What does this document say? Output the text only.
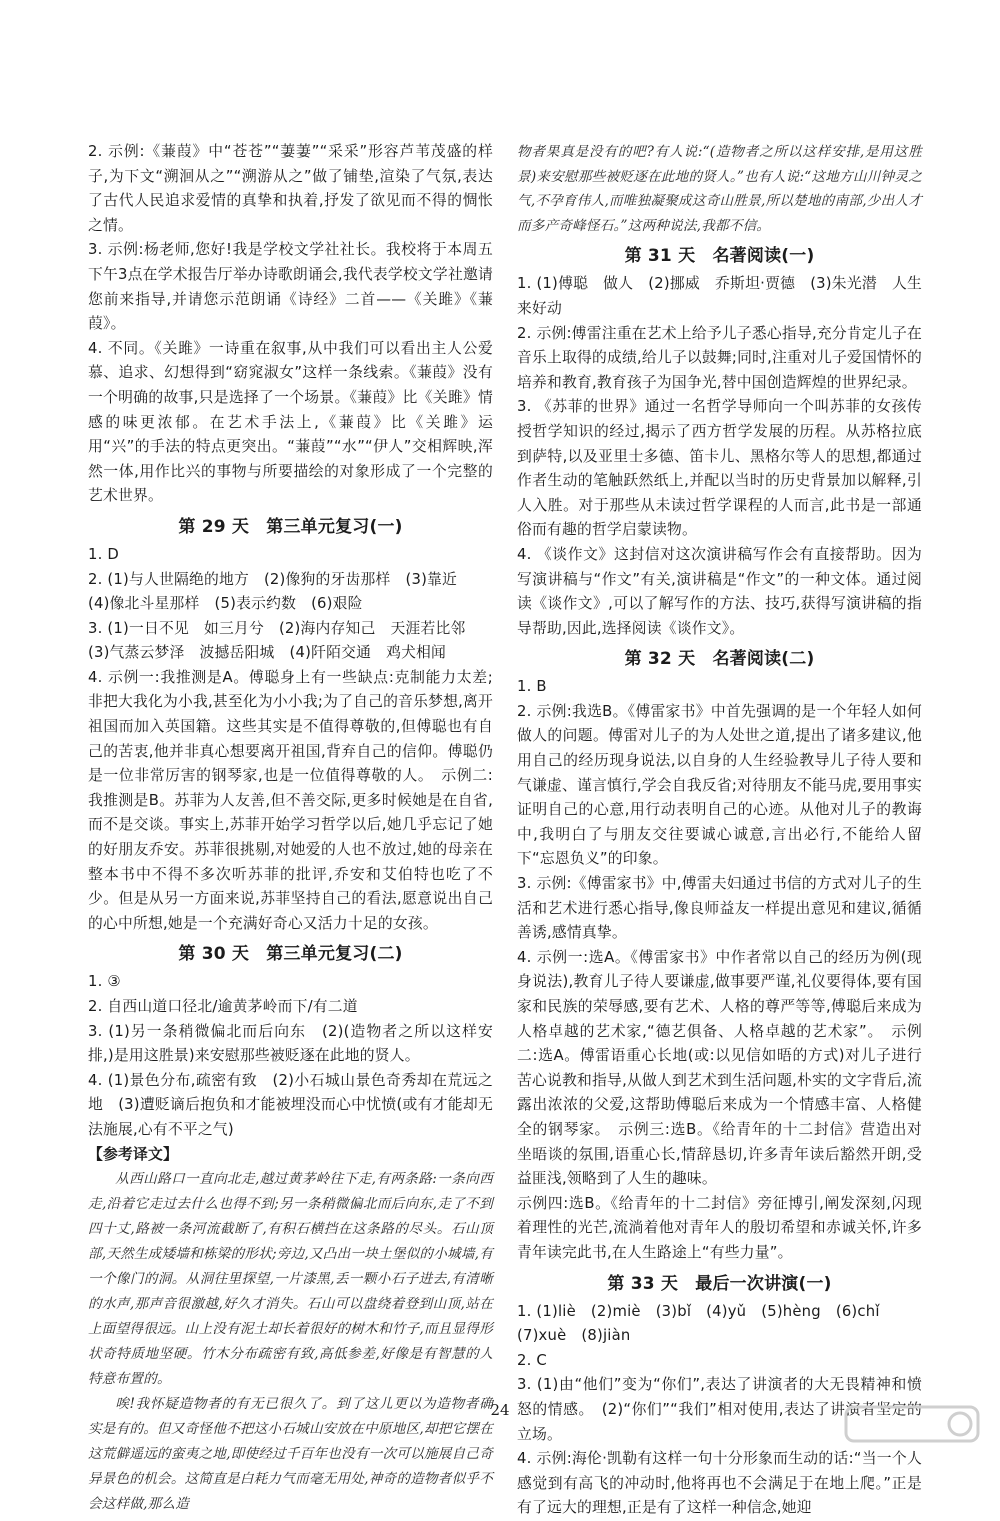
2. 示例:《蒹葭》中“苍苍”“萋萋”“采采”形容芦苇茂盛的样子,为下文“溯洄从之”“溯游从之”做了铺垫,渲染了气氛,表达了古代人民追求爱情的真挚和执着,抒发了欲见而不得的惆怅之情。

3. 示例:杨老师,您好!我是学校文学社社长。我校将于本周五下午3点在学术报告厅举办诗歌朗诵会,我代表学校文学社邀请您前来指导,并请您示范朗诵《诗经》二首——《关雎》《蒹葭》。

4. 不同。《关雎》一诗重在叙事,从中我们可以看出主人公爱慕、追求、幻想得到“窈窕淑女”这样一条线索。《蒹葭》没有一个明确的故事,只是选择了一个场景。《蒹葭》比《关雎》情感的味更浓郁。在艺术手法上,《蒹葭》比《关雎》运用“兴”的手法的特点更突出。“蒹葭”“水”“伊人”交相辉映,浑然一体,用作比兴的事物与所要描绘的对象形成了一个完整的艺术世界。

第 29 天　第三单元复习(一)

1. D

2. (1)与人世隔绝的地方　(2)像狗的牙齿那样　(3)靠近

(4)像北斗星那样　(5)表示约数　(6)艰险

3. (1)一日不见　如三月兮　(2)海内存知己　天涯若比邻

(3)气蒸云梦泽　波撼岳阳城　(4)阡陌交通　鸡犬相闻

4. 示例一:我推测是A。傅聪身上有一些缺点:克制能力太差;非把大我化为小我,甚至化为小小我;为了自己的音乐梦想,离开祖国而加入英国籍。这些其实是不值得尊敬的,但傅聪也有自己的苦衷,他并非真心想要离开祖国,背弃自己的信仰。傅聪仍是一位非常厉害的钢琴家,也是一位值得尊敬的人。　示例二:我推测是B。苏菲为人友善,但不善交际,更多时候她是在自省,而不是交谈。事实上,苏菲开始学习哲学以后,她几乎忘记了她的好朋友乔安。苏菲很挑剔,对她爱的人也不放过,她的母亲在整本书中不得不多次听苏菲的批评,乔安和艾伯特也吃了不少。但是从另一方面来说,苏菲坚持自己的看法,愿意说出自己的心中所想,她是一个充满好奇心又活力十足的女孩。

第 30 天　第三单元复习(二)

1. ③

2. 自西山道口径北/逾黄茅岭而下/有二道

3. (1)另一条稍微偏北而后向东　(2)(造物者之所以这样安排,)是用这胜景)来安慰那些被贬逐在此地的贤人。

4. (1)景色分布,疏密有致　(2)小石城山景色奇秀却在荒远之地　(3)遭贬谪后抱负和才能被埋没而心中忧愤(或有才能却无法施展,心有不平之气)

【参考译文】

从西山路口一直向北走,越过黄茅岭往下走,有两条路:一条向西走,沿着它走过去什么也得不到;另一条稍微偏北而后向东,走了不到四十丈,路被一条河流截断了,有积石横挡在这条路的尽头。石山顶部,天然生成矮墙和栋梁的形状;旁边,又凸出一块土堡似的小城墙,有一个像门的洞。从洞往里探望,一片漆黑,丢一颗小石子进去,有清晰的水声,那声音很激越,好久才消失。石山可以盘绕着登到山顶,站在上面望得很远。山上没有泥土却长着很好的树木和竹子,而且显得形状奇特质地坚硬。竹木分布疏密有致,高低参差,好像是有智慧的人特意布置的。

唉!我怀疑造物者的有无已很久了。到了这儿更以为造物者确实是有的。但又奇怪他不把这小石城山安放在中原地区,却把它摆在这荒僻遥远的蛮夷之地,即使经过千百年也没有一次可以施展自己奇异景色的机会。这简直是白耗力气而毫无用处,神奇的造物者似乎不会这样做,那么造

物者果真是没有的吧?有人说:“(造物者之所以这样安排,是用这胜景)来安慰那些被贬逐在此地的贤人。”也有人说:“这地方山川钟灵之气,不孕育伟人,而唯独凝聚成这奇山胜景,所以楚地的南部,少出人才而多产奇峰怪石。”这两种说法,我都不信。

第 31 天　名著阅读(一)

1. (1)傅聪　做人　(2)挪威　乔斯坦·贾德　(3)朱光潜　人生来好动

2. 示例:傅雷注重在艺术上给予儿子悉心指导,充分肯定儿子在音乐上取得的成绩,给儿子以鼓舞;同时,注重对儿子爱国情怀的培养和教育,教育孩子为国争光,替中国创造辉煌的世界纪录。

3. 《苏菲的世界》通过一名哲学导师向一个叫苏菲的女孩传授哲学知识的经过,揭示了西方哲学发展的历程。从苏格拉底到萨特,以及亚里士多德、笛卡儿、黑格尔等人的思想,都通过作者生动的笔触跃然纸上,并配以当时的历史背景加以解释,引人入胜。对于那些从未读过哲学课程的人而言,此书是一部通俗而有趣的哲学启蒙读物。

4. 《谈作文》这封信对这次演讲稿写作会有直接帮助。因为写演讲稿与“作文”有关,演讲稿是“作文”的一种文体。通过阅读《谈作文》,可以了解写作的方法、技巧,获得写演讲稿的指导帮助,因此,选择阅读《谈作文》。

第 32 天　名著阅读(二)

1. B

2. 示例:我选B。《傅雷家书》中首先强调的是一个年轻人如何做人的问题。傅雷对儿子的为人处世之道,提出了诸多建议,他用自己的经历现身说法,以自身的人生经验教导儿子待人要和气谦虚、谨言慎行,学会自我反省;对待朋友不能马虎,要用事实证明自己的心意,用行动表明自己的心迹。从他对儿子的教诲中,我明白了与朋友交往要诚心诚意,言出必行,不能给人留下“忘恩负义”的印象。

3. 示例:《傅雷家书》中,傅雷夫妇通过书信的方式对儿子的生活和艺术进行悉心指导,像良师益友一样提出意见和建议,循循善诱,感情真挚。

4. 示例一:选A。《傅雷家书》中作者常以自己的经历为例(现身说法),教育儿子待人要谦虚,做事要严谨,礼仪要得体,要有国家和民族的荣辱感,要有艺术、人格的尊严等等,傅聪后来成为人格卓越的艺术家,“德艺俱备、人格卓越的艺术家”。　示例二:选A。傅雷语重心长地(或:以见信如晤的方式)对儿子进行苦心说教和指导,从做人到艺术到生活问题,朴实的文字背后,流露出浓浓的父爱,这帮助傅聪后来成为一个情感丰富、人格健全的钢琴家。　示例三:选B。《给青年的十二封信》营造出对坐晤谈的氛围,语重心长,情辞恳切,许多青年读后豁然开朗,受益匪浅,领略到了人生的趣味。

示例四:选B。《给青年的十二封信》旁征博引,阐发深刻,闪现着理性的光芒,流淌着他对青年人的殷切希望和赤诚关怀,许多青年读完此书,在人生路途上“有些力量”。

第 33 天　最后一次讲演(一)

1. (1)liè　(2)miè　(3)bǐ　(4)yǔ　(5)hèng　(6)chǐ

(7)xuè　(8)jiàn

2. C

3. (1)由“他们”变为“你们”,表达了讲演者的大无畏精神和愤怒的情感。　(2)“你们”“我们”相对使用,表达了讲演者坚定的立场。

4. 示例:海伦·凯勒有这样一句十分形象而生动的话:“当一个人感觉到有高飞的冲动时,他将再也不会满足于在地上爬。”正是有了远大的理想,正是有了这样一种信念,她迎

24
